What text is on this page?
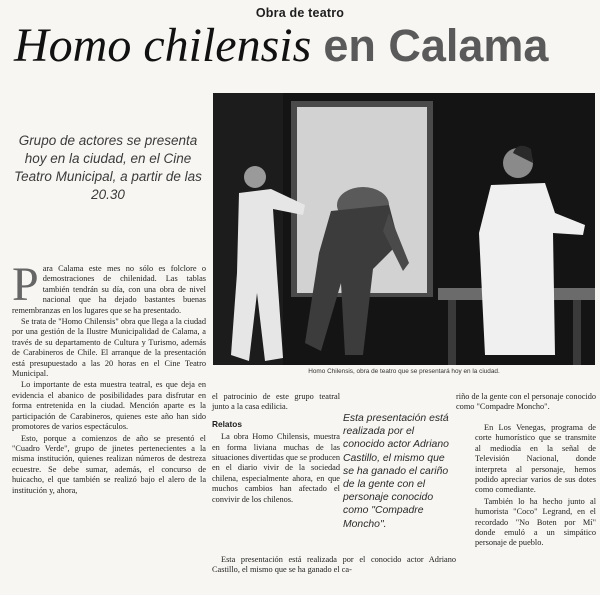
Obra de teatro
Homo chilensis en Calama
Grupo de actores se presenta hoy en la ciudad, en el Cine Teatro Municipal, a partir de las 20.30
Homo Chilensis, obra de teatro que se presentará hoy en la ciudad.

Para Calama este mes no sólo es folclore o demostraciones de chilenidad. Las tablas también tendrán su día, con una obra de nivel nacional que ha dejado bastantes buenas remembranzas en los lugares que se ha presentado.

Se trata de "Homo Chilensis" obra que llega a la ciudad por una gestión de la Ilustre Municipalidad de Calama, a través de su departamento de Cultura y Turismo, además de Carabineros de Chile. El arranque de la presentación está presupuestado a las 20 horas en el Cine Teatro Municipal.

Lo importante de esta muestra teatral, es que deja en evidencia el abanico de posibilidades para disfrutar en forma entretenida en la ciudad. Mención aparte es la participación de Carabineros, quienes este año han sido promotores de varios espectáculos.

Esto, porque a comienzos de año se presentó el "Cuadro Verde", grupo de jinetes pertenecientes a la misma institución, quienes realizan números de destreza ecuestre. Se debe sumar, además, el concurso de huicacho, el que también se realizó bajo el alero de la institución y, ahora,

el patrocinio de este grupo teatral junto a la casa edilicia.

Relatos

La obra Homo Chilensis, muestra en forma liviana muchas de las situaciones divertidas que se producen en el diario vivir de la sociedad chilena, especialmente ahora, en que muchos cambios han afectado el convivir de los chilenos.

Esta presentación está realizada por el conocido actor Adriano Castillo, el mismo que se ha ganado el ca-

Esta presentación está realizada por el conocido actor Adriano Castillo, el mismo que se ha ganado el cariño de la gente con el personaje conocido como "Compadre Moncho".

riño de la gente con el personaje conocido como "Compadre Moncho".

En Los Venegas, programa de corte humorístico que se transmite al mediodía en la señal de Televisión Nacional, donde interpreta al personaje, hemos podido apreciar varios de sus dotes como comediante.

También lo ha hecho junto al humorista "Coco" Legrand, en el recordado "No Boten por Mí" donde emuló a un simpático personaje de pueblo.
